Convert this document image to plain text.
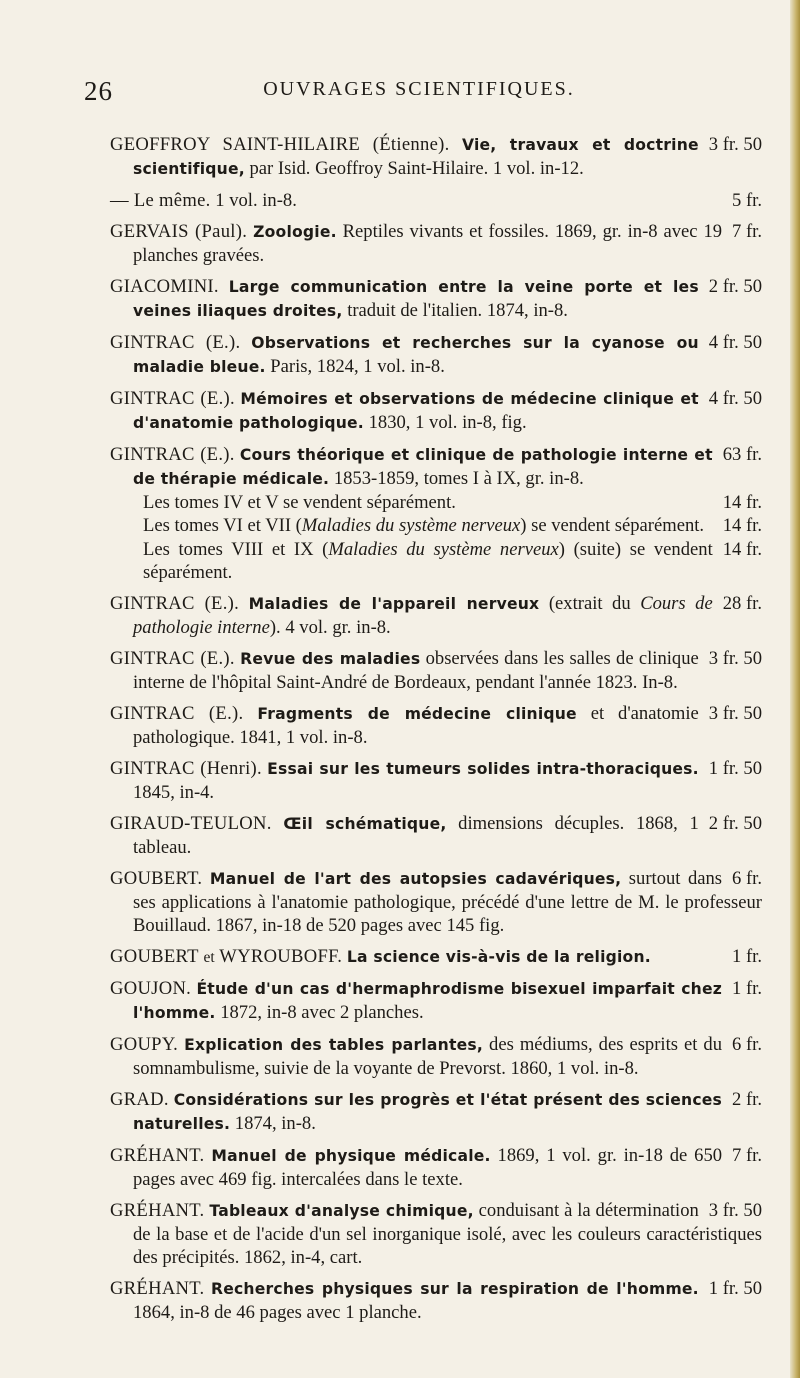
26	OUVRAGES SCIENTIFIQUES.

3 fr. 50
GEOFFROY SAINT-HILAIRE (Étienne). Vie, travaux et doctrine scientifique, par Isid. Geoffroy Saint-Hilaire. 1 vol. in-12.

5 fr.
— Le même. 1 vol. in-8.

7 fr.
GERVAIS (Paul). Zoologie. Reptiles vivants et fossiles. 1869, gr. in-8 avec 19 planches gravées.

2 fr. 50
GIACOMINI. Large communication entre la veine porte et les veines iliaques droites, traduit de l'italien. 1874, in-8.

4 fr. 50
GINTRAC (E.). Observations et recherches sur la cyanose ou maladie bleue. Paris, 1824, 1 vol. in-8.

4 fr. 50
GINTRAC (E.). Mémoires et observations de médecine clinique et d'anatomie pathologique. 1830, 1 vol. in-8, fig.

63 fr.
GINTRAC (E.). Cours théorique et clinique de pathologie interne et de thérapie médicale. 1853-1859, tomes I à IX, gr. in-8.
14 fr.
Les tomes IV et V se vendent séparément.
14 fr.
Les tomes VI et VII (Maladies du système nerveux) se vendent séparément.
14 fr.
Les tomes VIII et IX (Maladies du système nerveux) (suite) se vendent séparément.

28 fr.
GINTRAC (E.). Maladies de l'appareil nerveux (extrait du Cours de pathologie interne). 4 vol. gr. in-8.

3 fr. 50
GINTRAC (E.). Revue des maladies observées dans les salles de clinique interne de l'hôpital Saint-André de Bordeaux, pendant l'année 1823. In-8.

3 fr. 50
GINTRAC (E.). Fragments de médecine clinique et d'anatomie pathologique. 1841, 1 vol. in-8.

1 fr. 50
GINTRAC (Henri). Essai sur les tumeurs solides intra-thoraciques. 1845, in-4.

2 fr. 50
GIRAUD-TEULON. Œil schématique, dimensions décuples. 1868, 1 tableau.

6 fr.
GOUBERT. Manuel de l'art des autopsies cadavériques, surtout dans ses applications à l'anatomie pathologique, précédé d'une lettre de M. le professeur Bouillaud. 1867, in-18 de 520 pages avec 145 fig.

1 fr.
GOUBERT et WYROUBOFF. La science vis-à-vis de la religion.

1 fr.
GOUJON. Étude d'un cas d'hermaphrodisme bisexuel imparfait chez l'homme. 1872, in-8 avec 2 planches.

6 fr.
GOUPY. Explication des tables parlantes, des médiums, des esprits et du somnambulisme, suivie de la voyante de Prevorst. 1860, 1 vol. in-8.

2 fr.
GRAD. Considérations sur les progrès et l'état présent des sciences naturelles. 1874, in-8.

7 fr.
GRÉHANT. Manuel de physique médicale. 1869, 1 vol. gr. in-18 de 650 pages avec 469 fig. intercalées dans le texte.

3 fr. 50
GRÉHANT. Tableaux d'analyse chimique, conduisant à la détermination de la base et de l'acide d'un sel inorganique isolé, avec les couleurs caractéristiques des précipités. 1862, in-4, cart.

1 fr. 50
GRÉHANT. Recherches physiques sur la respiration de l'homme. 1864, in-8 de 46 pages avec 1 planche.
